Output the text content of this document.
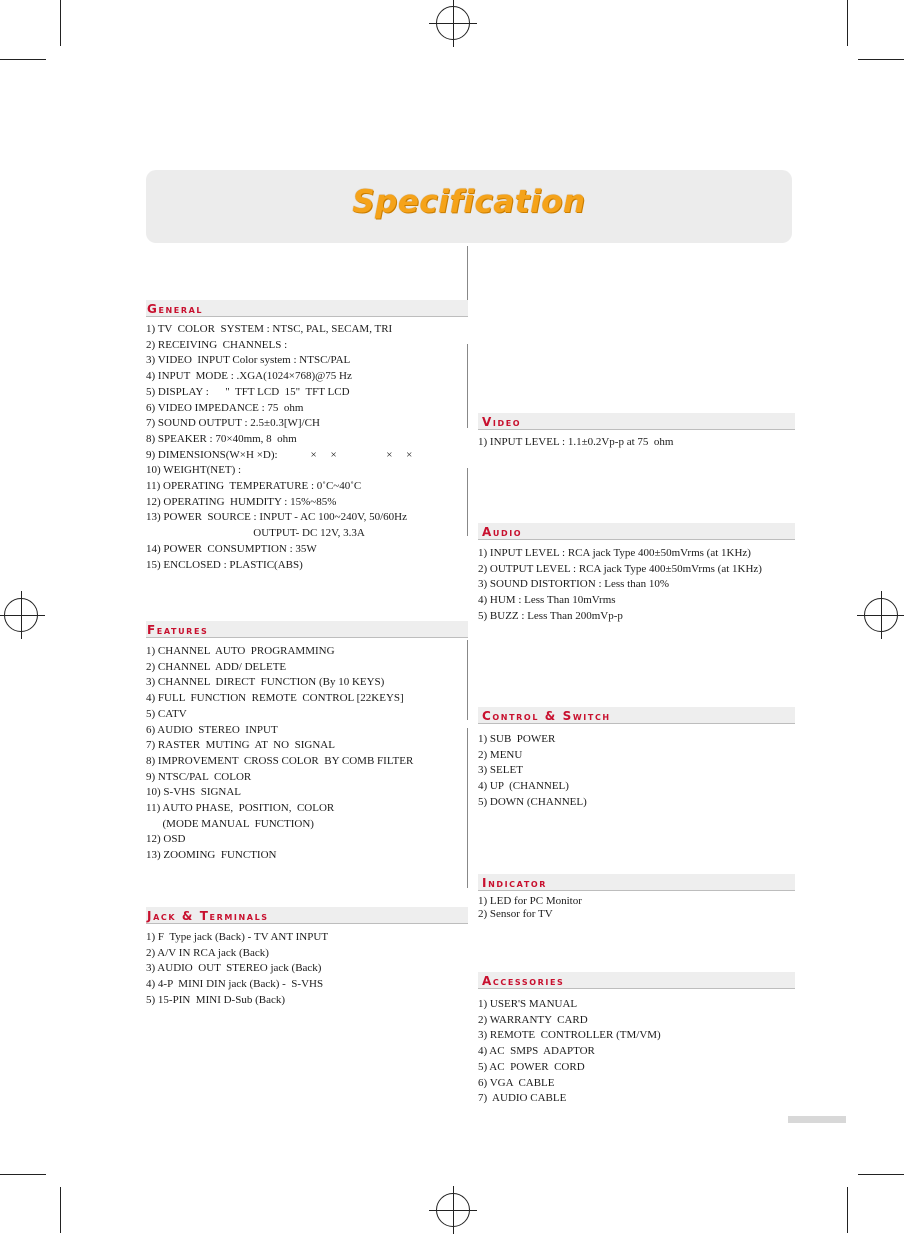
Specification
General
1) TV  COLOR  SYSTEM : NTSC, PAL, SECAM, TRI
2) RECEIVING  CHANNELS :
3) VIDEO  INPUT Color system : NTSC/PAL
4) INPUT  MODE : .XGA(1024×768)@75 Hz
5) DISPLAY :      "  TFT LCD  15"  TFT LCD
6) VIDEO IMPEDANCE : 75  ohm
7) SOUND OUTPUT : 2.5±0.3[W]/CH
8) SPEAKER : 70×40mm, 8  ohm
9) DIMENSIONS(W×H ×D):            ×     ×                  ×     ×
10) WEIGHT(NET) :
11) OPERATING  TEMPERATURE : 0˚C~40˚C
12) OPERATING  HUMDITY : 15%~85%
13) POWER  SOURCE : INPUT - AC 100~240V, 50/60Hz
OUTPUT- DC 12V, 3.3A
14) POWER  CONSUMPTION : 35W
15) ENCLOSED : PLASTIC(ABS)
Features
1) CHANNEL  AUTO  PROGRAMMING
2) CHANNEL  ADD/ DELETE
3) CHANNEL  DIRECT  FUNCTION (By 10 KEYS)
4) FULL  FUNCTION  REMOTE  CONTROL [22KEYS]
5) CATV
6) AUDIO  STEREO  INPUT
7) RASTER  MUTING  AT  NO  SIGNAL
8) IMPROVEMENT  CROSS COLOR  BY COMB FILTER
9) NTSC/PAL  COLOR
10) S-VHS  SIGNAL
11) AUTO PHASE,  POSITION,  COLOR
(MODE MANUAL  FUNCTION)
12) OSD
13) ZOOMING  FUNCTION
Jack & Terminals
1) F  Type jack (Back) - TV ANT INPUT
2) A/V IN RCA jack (Back)
3) AUDIO  OUT  STEREO jack (Back)
4) 4-P  MINI DIN jack (Back) -  S-VHS
5) 15-PIN  MINI D-Sub (Back)
Video
1) INPUT LEVEL : 1.1±0.2Vp-p at 75  ohm
Audio
1) INPUT LEVEL : RCA jack Type 400±50mVrms (at 1KHz)
2) OUTPUT LEVEL : RCA jack Type 400±50mVrms (at 1KHz)
3) SOUND DISTORTION : Less than 10%
4) HUM : Less Than 10mVrms
5) BUZZ : Less Than 200mVp-p
Control & Switch
1) SUB  POWER
2) MENU
3) SELET
4) UP  (CHANNEL)
5) DOWN (CHANNEL)
Indicator
1) LED for PC Monitor
2) Sensor for TV
Accessories
1) USER'S MANUAL
2) WARRANTY  CARD
3) REMOTE  CONTROLLER (TM/VM)
4) AC  SMPS  ADAPTOR
5) AC  POWER  CORD
6) VGA  CABLE
7)  AUDIO CABLE
